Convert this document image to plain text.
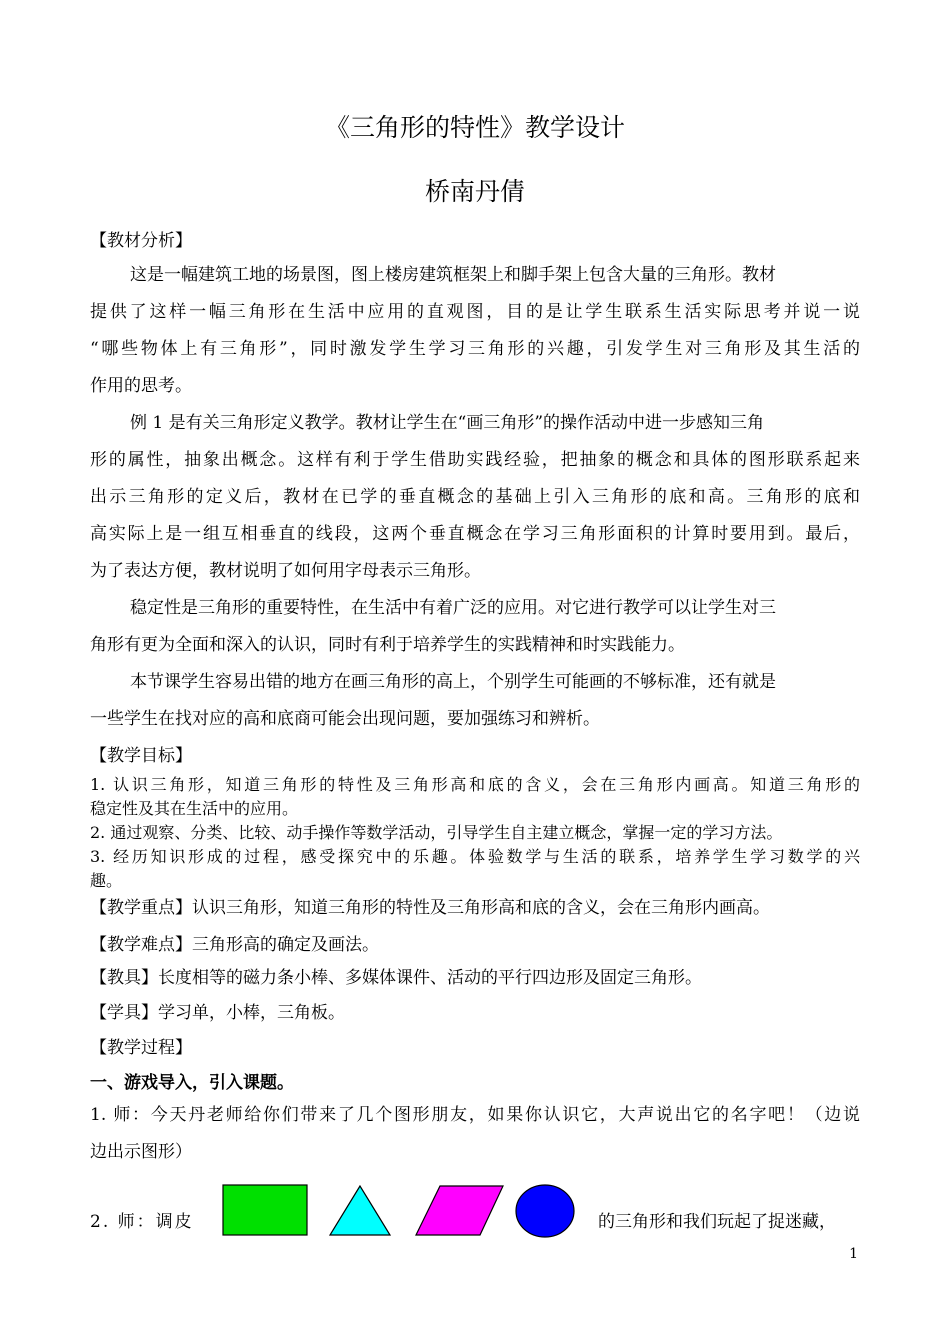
《三角形的特性》教学设计
桥南丹倩
【教材分析】
这是一幅建筑工地的场景图，图上楼房建筑框架上和脚手架上包含大量的三角形。教材
提供了这样一幅三角形在生活中应用的直观图，目的是让学生联系生活实际思考并说一说
“哪些物体上有三角形”，同时激发学生学习三角形的兴趣，引发学生对三角形及其生活的
作用的思考。
例 1 是有关三角形定义教学。教材让学生在“画三角形”的操作活动中进一步感知三角
形的属性，抽象出概念。这样有利于学生借助实践经验，把抽象的概念和具体的图形联系起来
出示三角形的定义后，教材在已学的垂直概念的基础上引入三角形的底和高。三角形的底和
高实际上是一组互相垂直的线段，这两个垂直概念在学习三角形面积的计算时要用到。最后，
为了表达方便，教材说明了如何用字母表示三角形。
稳定性是三角形的重要特性，在生活中有着广泛的应用。对它进行教学可以让学生对三
角形有更为全面和深入的认识，同时有利于培养学生的实践精神和时实践能力。
本节课学生容易出错的地方在画三角形的高上，个别学生可能画的不够标准，还有就是
一些学生在找对应的高和底商可能会出现问题，要加强练习和辨析。
【教学目标】
1. 认识三角形，知道三角形的特性及三角形高和底的含义，会在三角形内画高。知道三角形的
稳定性及其在生活中的应用。
2. 通过观察、分类、比较、动手操作等数学活动，引导学生自主建立概念，掌握一定的学习方法。
3. 经历知识形成的过程，感受探究中的乐趣。体验数学与生活的联系，培养学生学习数学的兴
趣。
【教学重点】认识三角形，知道三角形的特性及三角形高和底的含义，会在三角形内画高。
【教学难点】三角形高的确定及画法。
【教具】长度相等的磁力条小棒、多媒体课件、活动的平行四边形及固定三角形。
【学具】学习单，小棒，三角板。
【教学过程】
一、游戏导入，引入课题。
1. 师：今天丹老师给你们带来了几个图形朋友，如果你认识它，大声说出它的名字吧！（边说
边出示图形）
2. 师：调皮	的三角形和我们玩起了捉迷藏，
1
